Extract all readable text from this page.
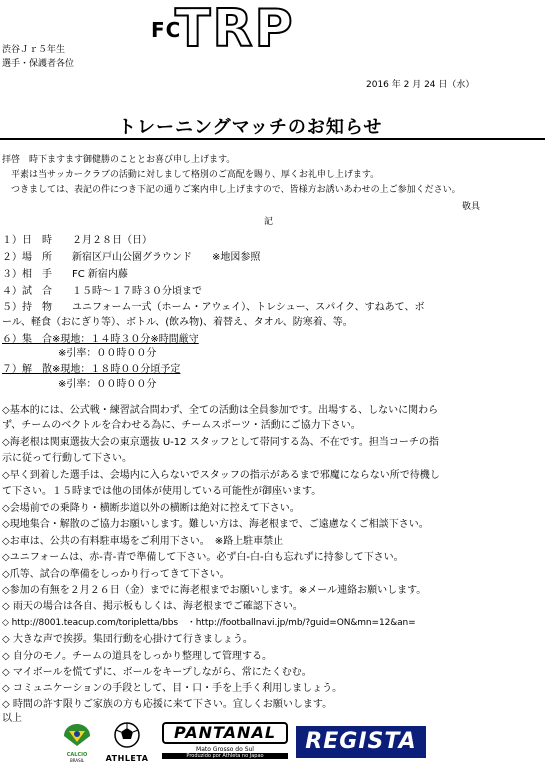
渋谷Ｊｒ５年生
選手・保護者各位
FC
TRP
2016 年 2 月 24 日（水）
トレーニングマッチのお知らせ
拝啓　時下ますます御健勝のこととお喜び申し上げます。
　平素は当サッカークラブの活動に対しまして格別のご高配を賜り、厚くお礼申し上げます。
　つきましては、表記の件につき下記の通りご案内申し上げますので、皆様方お誘いあわせの上ご参加ください。
敬具
記
１）日　時　　２月２８日（日）
２）場　所　　新宿区戸山公園グラウンド　　※地図参照
３）相　手　　FC 新宿内藤
４）試　合　　１５時～１７時３０分頃まで
５）持　物　　ユニフォーム一式（ホーム・アウェイ）、トレシュー、スパイク、すねあて、ボ
ール、軽食（おにぎり等）、ボトル、(飲み物)、着替え、タオル、防寒着、等。
６）集　合※現地：１４時３０分※時間厳守
※引率：００時００分
７）解　散※現地：１８時００分頃予定
※引率：００時００分
◇基本的には、公式戦・練習試合問わず、全ての活動は全員参加です。出場する、しないに関わら
ず、チームのベクトルを合わせる為に、チームスポーツ・活動にご協力下さい。
◇海老根は関東選抜大会の東京選抜 U-12 スタッフとして帯同する為、不在です。担当コーチの指
示に従って行動して下さい。
◇早く到着した選手は、会場内に入らないでスタッフの指示があるまで邪魔にならない所で待機し
て下さい。１５時までは他の団体が使用している可能性が御座います。
◇会場前での乗降り・横断歩道以外の横断は絶対に控えて下さい。
◇現地集合・解散のご協力お願いします。難しい方は、海老根まで、ご遠慮なくご相談下さい。
◇お車は、公共の有料駐車場をご利用下さい。　※路上駐車禁止
◇ユニフォームは、赤-青-青で準備して下さい。必ず白-白-白も忘れずに持参して下さい。
◇爪等、試合の準備をしっかり行ってきて下さい。
◇参加の有無を２月２６日（金）までに海老根までお願いします。※メール連絡お願いします。
◇ 雨天の場合は各自、掲示板もしくは、海老根までご確認下さい。
◇ http://8001.teacup.com/toripletta/bbs　・http://footballnavi.jp/mb/?guid=ON&mn=12&an=
◇ 大きな声で挨拶。集団行動を心掛けて行きましょう。
◇ 自分のモノ。チームの道具をしっかり整理して管理する。
◇ マイボールを慌てずに、ボールをキープしながら、常にたくむむ。
◇ コミュニケーションの手段として、目・口・手を上手く利用しましょう。
◇ 時間の許す限りご家族の方も応援に来て下さい。宜しくお願いします。
以上
CALCIO
BRASIL	ATHLETA
PANTANAL
Mato Grosso do Sul
Produzido por Athleta no Japao
REGISTA
